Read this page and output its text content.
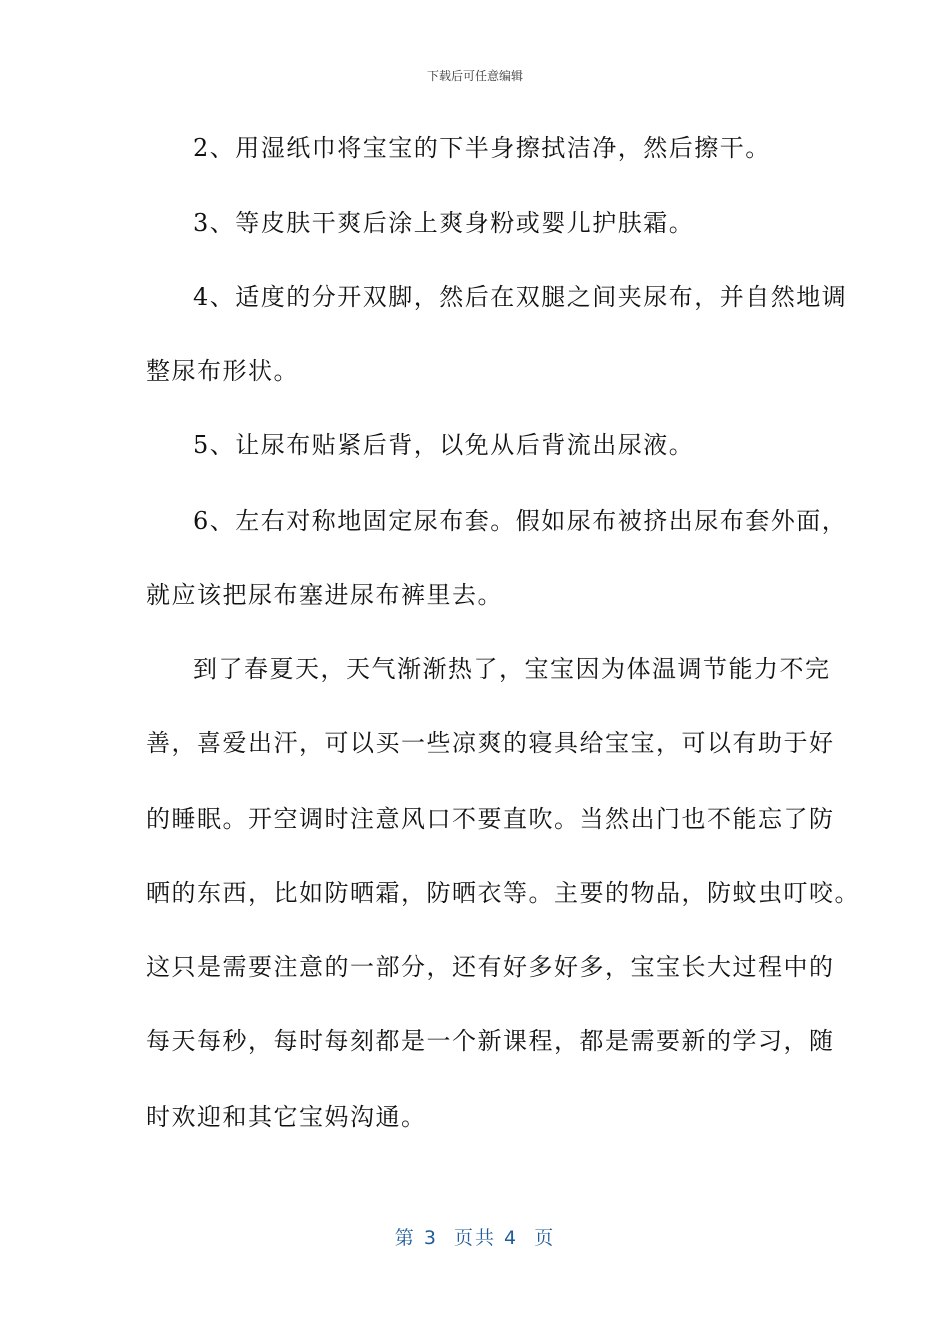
下载后可任意编辑
2、用湿纸巾将宝宝的下半身擦拭洁净，然后擦干。
3、等皮肤干爽后涂上爽身粉或婴儿护肤霜。
4、适度的分开双脚，然后在双腿之间夹尿布，并自然地调
整尿布形状。
5、让尿布贴紧后背，以免从后背流出尿液。
6、左右对称地固定尿布套。假如尿布被挤出尿布套外面，
就应该把尿布塞进尿布裤里去。
到了春夏天，天气渐渐热了，宝宝因为体温调节能力不完
善，喜爱出汗，可以买一些凉爽的寝具给宝宝，可以有助于好
的睡眠。开空调时注意风口不要直吹。当然出门也不能忘了防
晒的东西，比如防晒霜，防晒衣等。主要的物品，防蚊虫叮咬。
这只是需要注意的一部分，还有好多好多，宝宝长大过程中的
每天每秒，每时每刻都是一个新课程，都是需要新的学习，随
时欢迎和其它宝妈沟通。
第 3  页共 4  页
